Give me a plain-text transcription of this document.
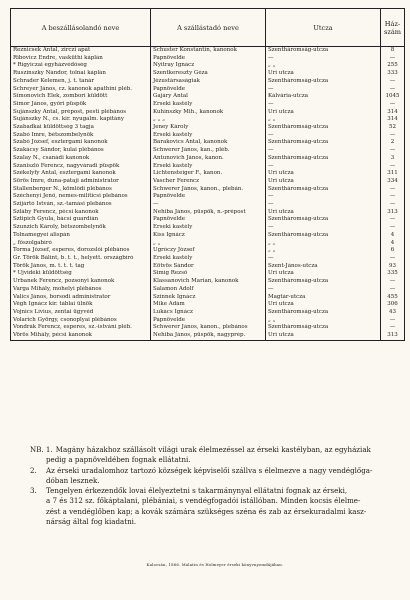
A beszállásolandó neve	A szállástadó neve	Utcza	Ház-szám
Reznicsek Antal, zirczi apát	Schuster Konstantin, kanonok	Szentháromság-utcza	8
Ribovicz Endre, vasküthi káplán	Papnövelde	—	—
* Rigyiczai egyházvédőség	Nyitray Ignácz	„ „	255
Ruszinszky Nándor, tolnai káplán	Szentkereszty Géza	Uri utcza	333
Schrader Kelemen, j. t. tanár	Jézustársaságiak	Szentháromság-utcza	—
Schreyer János, cz. kanonok apathini pléb.	Papnövelde	—	—
Simonovich Elek, zombori küldött	Gajáry Antal	Kálvária-utcza	1045
Simor János, győri püspök	Érseki kastély	—	—
Sujánszky Antal, prépost, pesti plébános	Kuhinszky Mih., kanonok	Uri utcza	314
Sujánszky N., cs. kir. nyugalm. kapitány	„ „ „	„ „	314
Szabadkai küldöttség 3 tagja	Jeney Károly	Szentháromság-utcza	52
Szabó Imre, bétszombelynök	Érseki kastély	—	—
Szabó József, esztergami kanonok	Barakovics Antal, kanonok	Szentháromság-utcza	2
Szakácsy Sándor, kulai plébános	Schwerer János, kan., pléb.	—	—
Szalay N., csanádi kanonok	Antunovich János, kanon.	Szentháromság-utcza	3
Szaniszló Ferencz, nagyváradi püspök	Érseki kastély	—	—
Székelyfy Antal, esztergami kanonok	Lichtensteiger F., kanon.	Uri utcza	311
Sörös Imre, duna-pataji administrator	Vascher Ferencz	Uri utcza	334
Stallenberger N., kömlődi plébános	Schwerer János, kanon., plebán.	Szentháromság-utcza	—
Széchenyi Jenő, nemes-militicsi plebános	Papnövelde	—	—
Szijártó István, sz.-tamási plebános	—	—	—
Szláby Ferencz, pécsi kanonok	Nehiba János, püspök, n.-prépost	Uri utcza	313
Sztipich Gyula, bácsi guardián	Papnövelde	Szentháromság-utcza	—
Szunzich Károly, bétszombelynök	Érseki kastély	—	—
Tolnamegyei alispán	Kiss Ignácz	Szentháromság-utcza	4
„ főszolgabíró	„ „	„ „	4
Torma József, esperes, dorozslói plébános	Ugróczy József	„ „	6
Gr. Török Bálint, b. t. t., helyett. országbíró	Érseki kastély	—	—
Török János, m. t. t. t. tag	Eötvös Sándor	Szent-János-utcza	93
* Ujvidéki küldöttség	Simig Rezső	Uri utcza	335
Urbanek Ferencz, pozsonyi kanonok	Klassanovich Marian, kanonok	Szentháromság-utcza	—
Varga Mihály, mohelyi plébános	Salamon Adolf	—	—
Valics János, borsodi administrator	Szinnek Ignácz	Magtár-utcza	455
Végh Ignácz kir. táblai ülnök	Mike Ádám	Uri utcza	306
Vojnics Lívius, zentai ügyvéd	Lukács Ignácz	Szentháromság-utcza	43
Volarich György, csonoplyai plébános	Papnövelde	„ „	—
Vondrák Ferencz, esperes, sz.-istváni pléb.	Schwerer János, kanon., plebános	Szentháromság-utcza	—
Vörös Mihály, pécsi kanonok	Nehiba János, püspök, nagyprép.	Uri utcza	313

NB. 1. Magány házakhoz szállásolt világi urak élelmezéssel az érseki kastélyban, az egyháziak

pedig a papnöveldében fognak ellátatni.

2. Az érseki uradalomhoz tartozó községek képviselői szállva s élelmezve a nagy vendéglőga-

dóban lesznek.

3. Tengelyen érkezendők lovai élelyeztetni s takarmánynyal ellátatni fognak az érseki,

a 7 és 312 sz. főkáptalani, plébániai, s vendégfogadói istállóban. Minden kocsis élelme-

zést a vendéglőben kap; a kovák számára szükséges széna és zab az érsekuradalmi kasz-

nárság által fog kiadatni.

Kalocsán, 1866. Malatin és Holmeyer érseki könyvnyomdájában.
